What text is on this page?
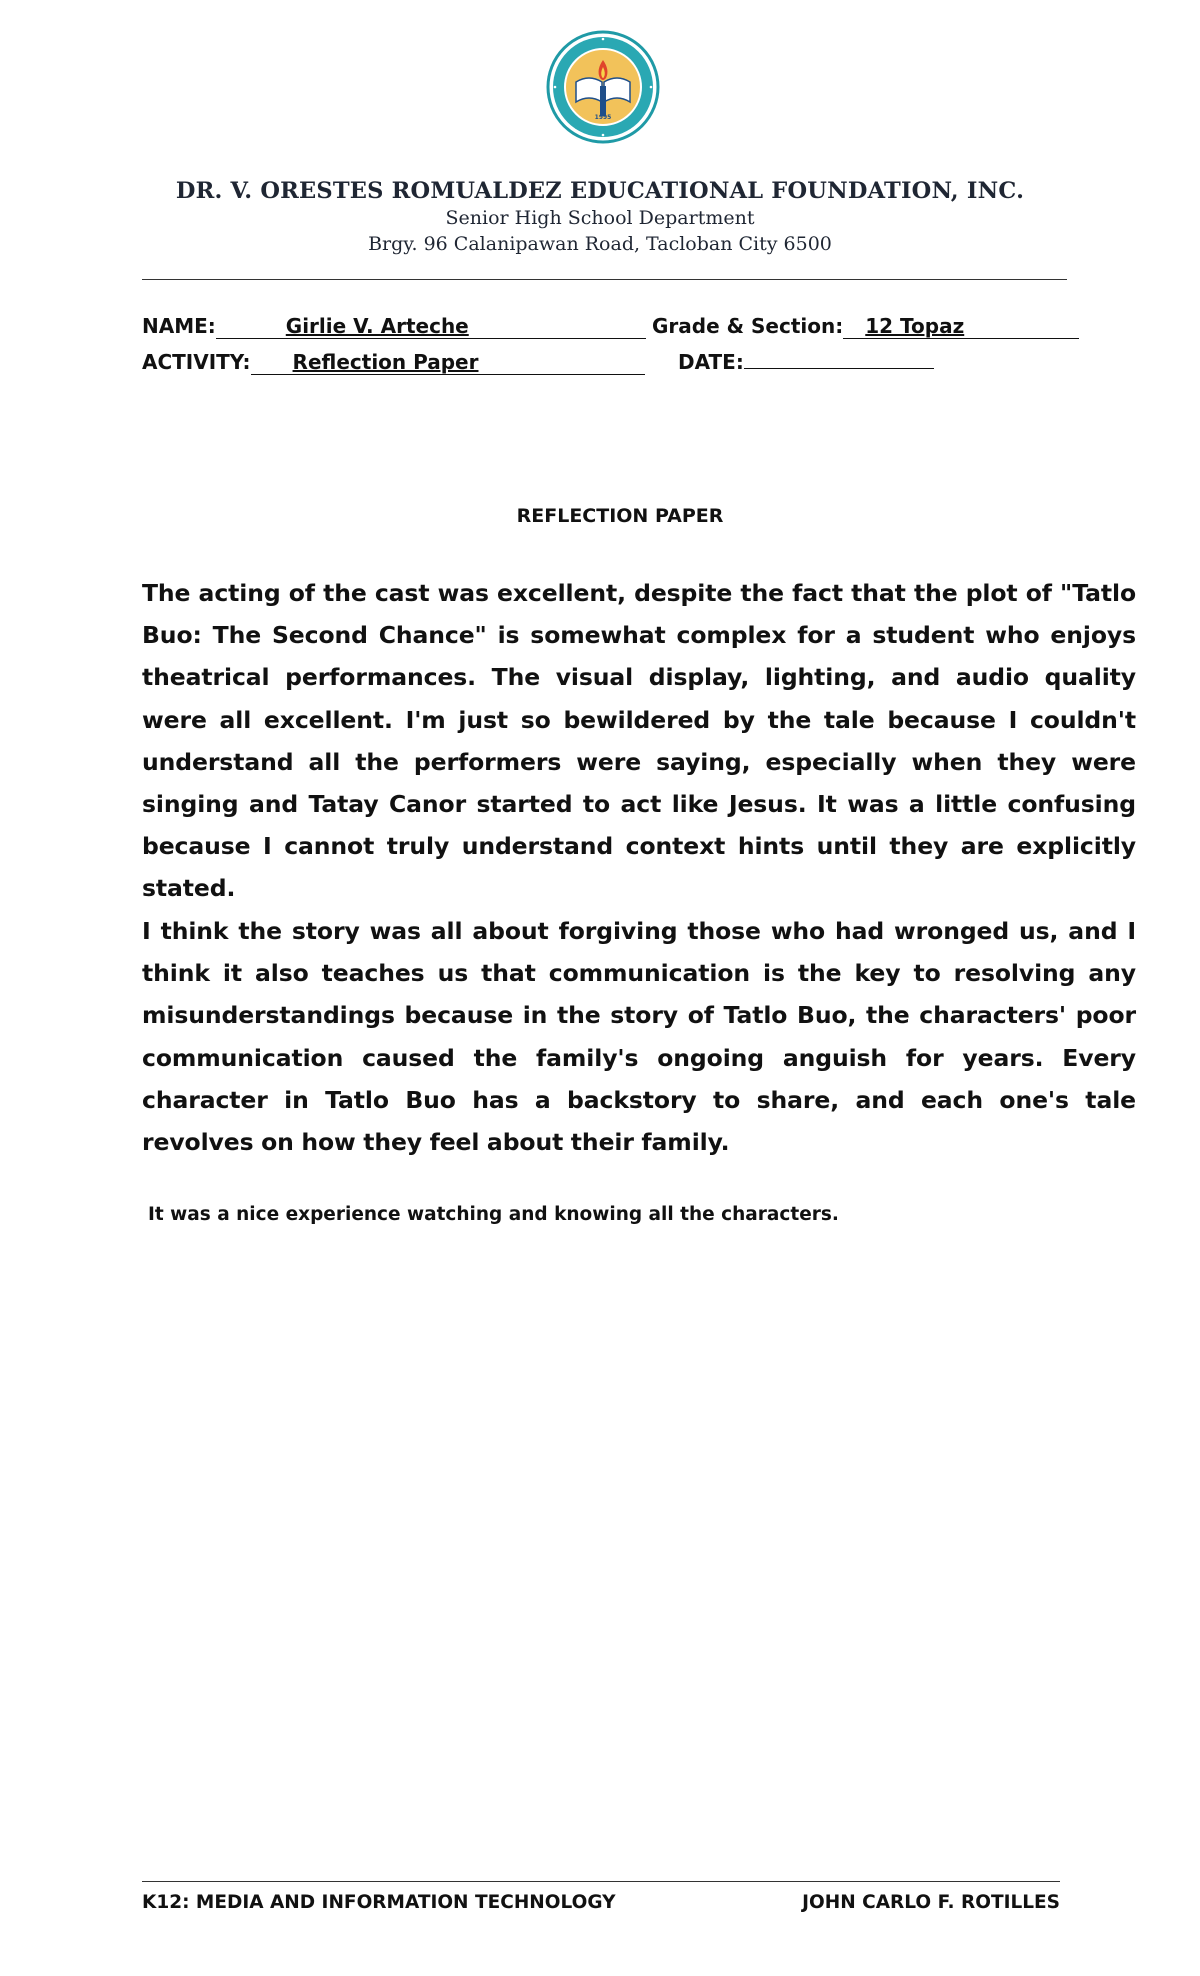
1995
DR. V. ORESTES ROMUALDEZ EDUCATIONAL FOUNDATION, INC.
Senior High School Department
Brgy. 96 Calanipawan Road, Tacloban City 6500
NAME:	Girlie V. Arteche	Grade & Section: 12 Topaz
ACTIVITY: Reflection Paper	DATE:
REFLECTION PAPER
The acting of the cast was excellent, despite the fact that the plot of "Tatlo Buo: The Second Chance" is somewhat complex for a student who enjoys theatrical performances. The visual display, lighting, and audio quality were all excellent. I'm just so bewildered by the tale because I couldn't understand all the performers were saying, especially when they were singing and Tatay Canor started to act like Jesus. It was a little confusing because I cannot truly understand context hints until they are explicitly stated.
I think the story was all about forgiving those who had wronged us, and I think it also teaches us that communication is the key to resolving any misunderstandings because in the story of Tatlo Buo, the characters' poor communication caused the family's ongoing anguish for years. Every character in Tatlo Buo has a backstory to share, and each one's tale revolves on how they feel about their family.
It was a nice experience watching and knowing all the characters.
K12: MEDIA AND INFORMATION TECHNOLOGY	JOHN CARLO F. ROTILLES
